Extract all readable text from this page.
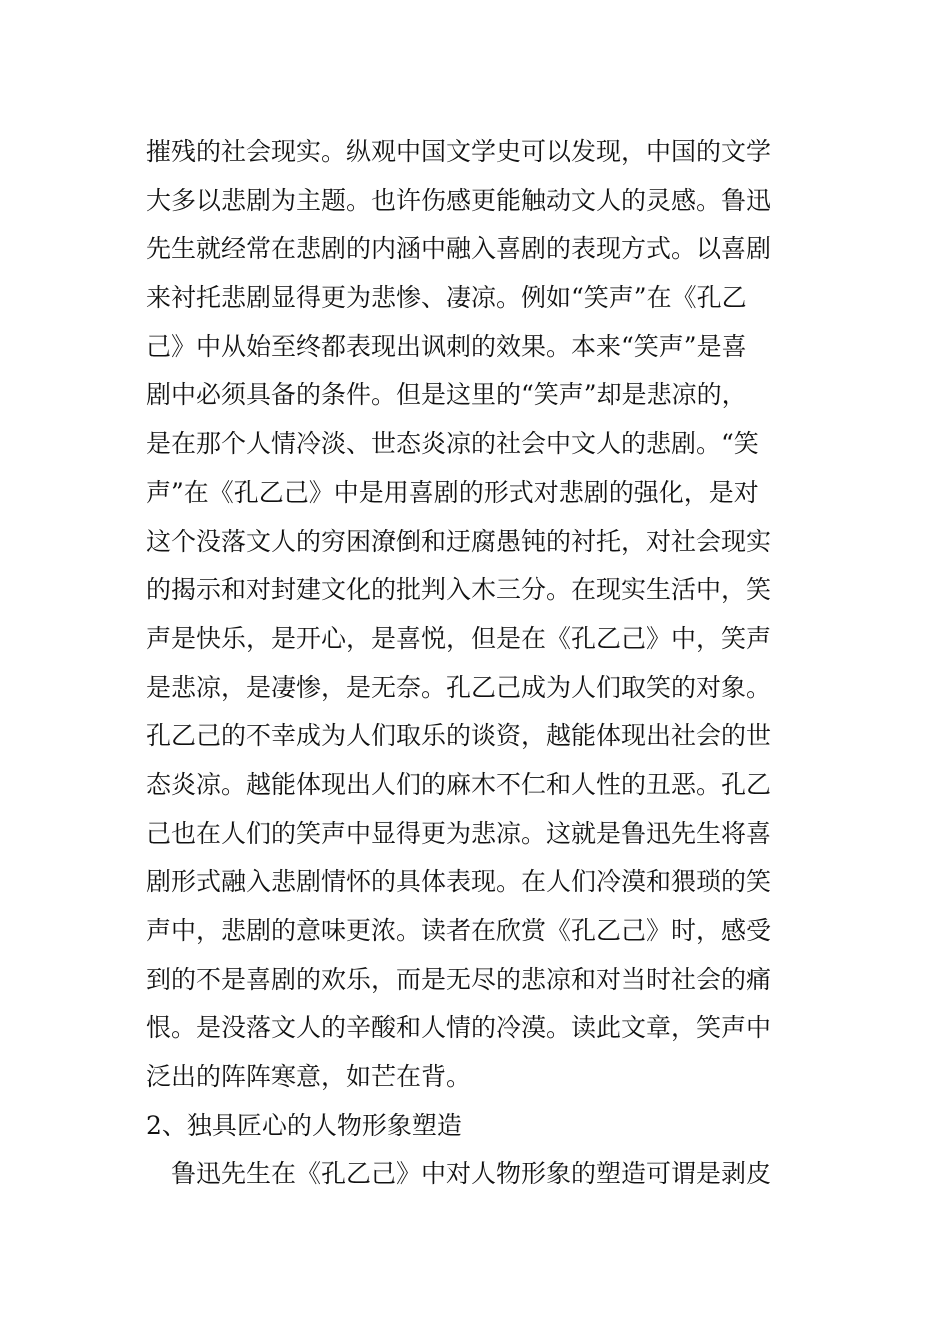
摧残的社会现实。纵观中国文学史可以发现，中国的文学
大多以悲剧为主题。也许伤感更能触动文人的灵感。鲁迅
先生就经常在悲剧的内涵中融入喜剧的表现方式。以喜剧
来衬托悲剧显得更为悲惨、凄凉。例如“笑声”在《孔乙
己》中从始至终都表现出讽刺的效果。本来“笑声”是喜
剧中必须具备的条件。但是这里的“笑声”却是悲凉的，
是在那个人情冷淡、世态炎凉的社会中文人的悲剧。“笑
声”在《孔乙己》中是用喜剧的形式对悲剧的强化，是对
这个没落文人的穷困潦倒和迂腐愚钝的衬托，对社会现实
的揭示和对封建文化的批判入木三分。在现实生活中，笑
声是快乐，是开心，是喜悦，但是在《孔乙己》中，笑声
是悲凉，是凄惨，是无奈。孔乙己成为人们取笑的对象。
孔乙己的不幸成为人们取乐的谈资，越能体现出社会的世
态炎凉。越能体现出人们的麻木不仁和人性的丑恶。孔乙
己也在人们的笑声中显得更为悲凉。这就是鲁迅先生将喜
剧形式融入悲剧情怀的具体表现。在人们冷漠和猥琐的笑
声中，悲剧的意味更浓。读者在欣赏《孔乙己》时，感受
到的不是喜剧的欢乐，而是无尽的悲凉和对当时社会的痛
恨。是没落文人的辛酸和人情的冷漠。读此文章，笑声中
泛出的阵阵寒意，如芒在背。
2、独具匠心的人物形象塑造
　鲁迅先生在《孔乙己》中对人物形象的塑造可谓是剥皮
